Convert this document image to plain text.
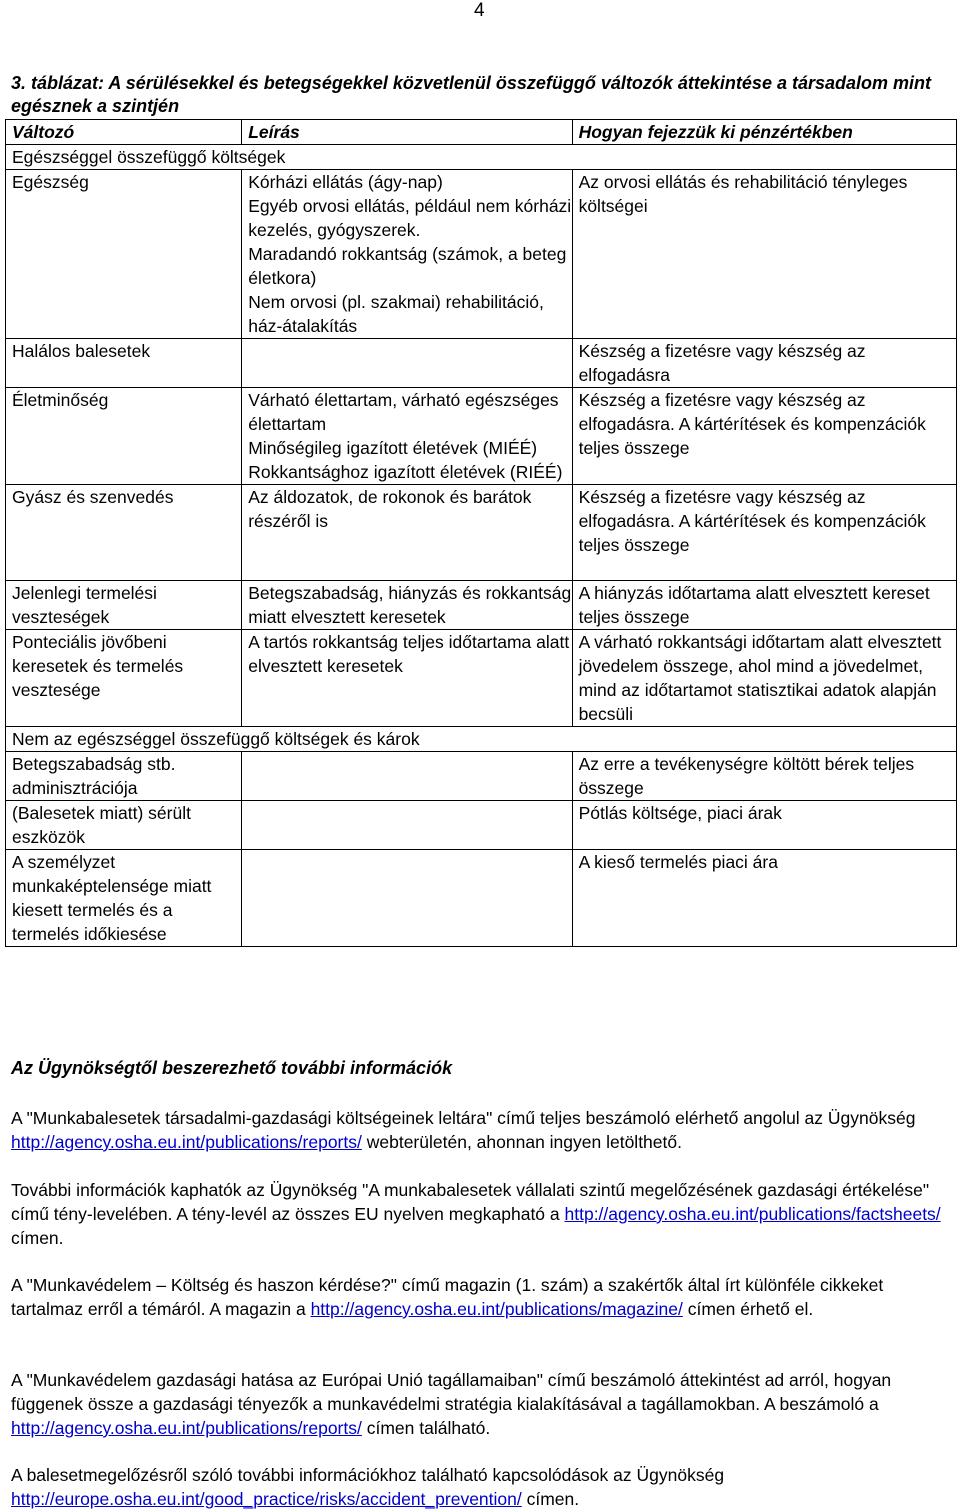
4
3. táblázat: A sérülésekkel és betegségekkel közvetlenül összefüggő változók áttekintése a társadalom mint egésznek a szintjén
Változó	Leírás	Hogyan fejezzük ki pénzértékben
Egészséggel összefüggő költségek		
Egészség	Kórházi ellátás (ágy-nap)
Egyéb orvosi ellátás, például nem kórházi kezelés, gyógyszerek.
Maradandó rokkantság (számok, a beteg életkora)
Nem orvosi (pl. szakmai) rehabilitáció, ház-átalakítás	Az orvosi ellátás és rehabilitáció tényleges költségei
Halálos balesetek		Készség a fizetésre vagy készség az elfogadásra
Életminőség	Várható élettartam, várható egészséges élettartam
Minőségileg igazított életévek (MIÉÉ)
Rokkantsághoz igazított életévek (RIÉÉ)	Készség a fizetésre vagy készség az elfogadásra. A kártérítések és kompenzációk teljes összege
Gyász és szenvedés	Az áldozatok, de rokonok és barátok részéről is	Készség a fizetésre vagy készség az elfogadásra. A kártérítések és kompenzációk teljes összege
Jelenlegi termelési veszteségek	Betegszabadság, hiányzás és rokkantság miatt elvesztett keresetek	A hiányzás időtartama alatt elvesztett kereset teljes összege
Ponteciális jövőbeni keresetek és termelés vesztesége	A tartós rokkantság teljes időtartama alatt elvesztett keresetek	A várható rokkantsági időtartam alatt elvesztett jövedelem összege, ahol mind a jövedelmet, mind az időtartamot statisztikai adatok alapján becsüli
Nem az egészséggel összefüggő költségek és károk		
Betegszabadság stb. adminisztrációja		Az erre a tevékenységre költött bérek teljes összege
(Balesetek miatt) sérült eszközök		Pótlás költsége, piaci árak
A személyzet munkaképtelensége miatt kiesett termelés és a termelés időkiesése		A kieső termelés piaci ára
Az Ügynökségtől beszerezhető további információk
A "Munkabalesetek társadalmi-gazdasági költségeinek leltára" című teljes beszámoló elérhető angolul az Ügynökség http://agency.osha.eu.int/publications/reports/ webterületén, ahonnan ingyen letölthető.
További információk kaphatók az Ügynökség "A munkabalesetek vállalati szintű megelőzésének gazdasági értékelése" című tény-levelében. A tény-levél az összes EU nyelven megkapható a http://agency.osha.eu.int/publications/factsheets/ címen.
A "Munkavédelem – Költség és haszon kérdése?" című magazin (1. szám) a szakértők által írt különféle cikkeket tartalmaz erről a témáról. A magazin a http://agency.osha.eu.int/publications/magazine/ címen érhető el.
A "Munkavédelem gazdasági hatása az Európai Unió tagállamaiban" című beszámoló áttekintést ad arról, hogyan függenek össze a gazdasági tényezők a munkavédelmi stratégia kialakításával a tagállamokban. A beszámoló a http://agency.osha.eu.int/publications/reports/ címen található.
A balesetmegelőzésről szóló további információkhoz található kapcsolódások az Ügynökség http://europe.osha.eu.int/good_practice/risks/accident_prevention/ címen.
